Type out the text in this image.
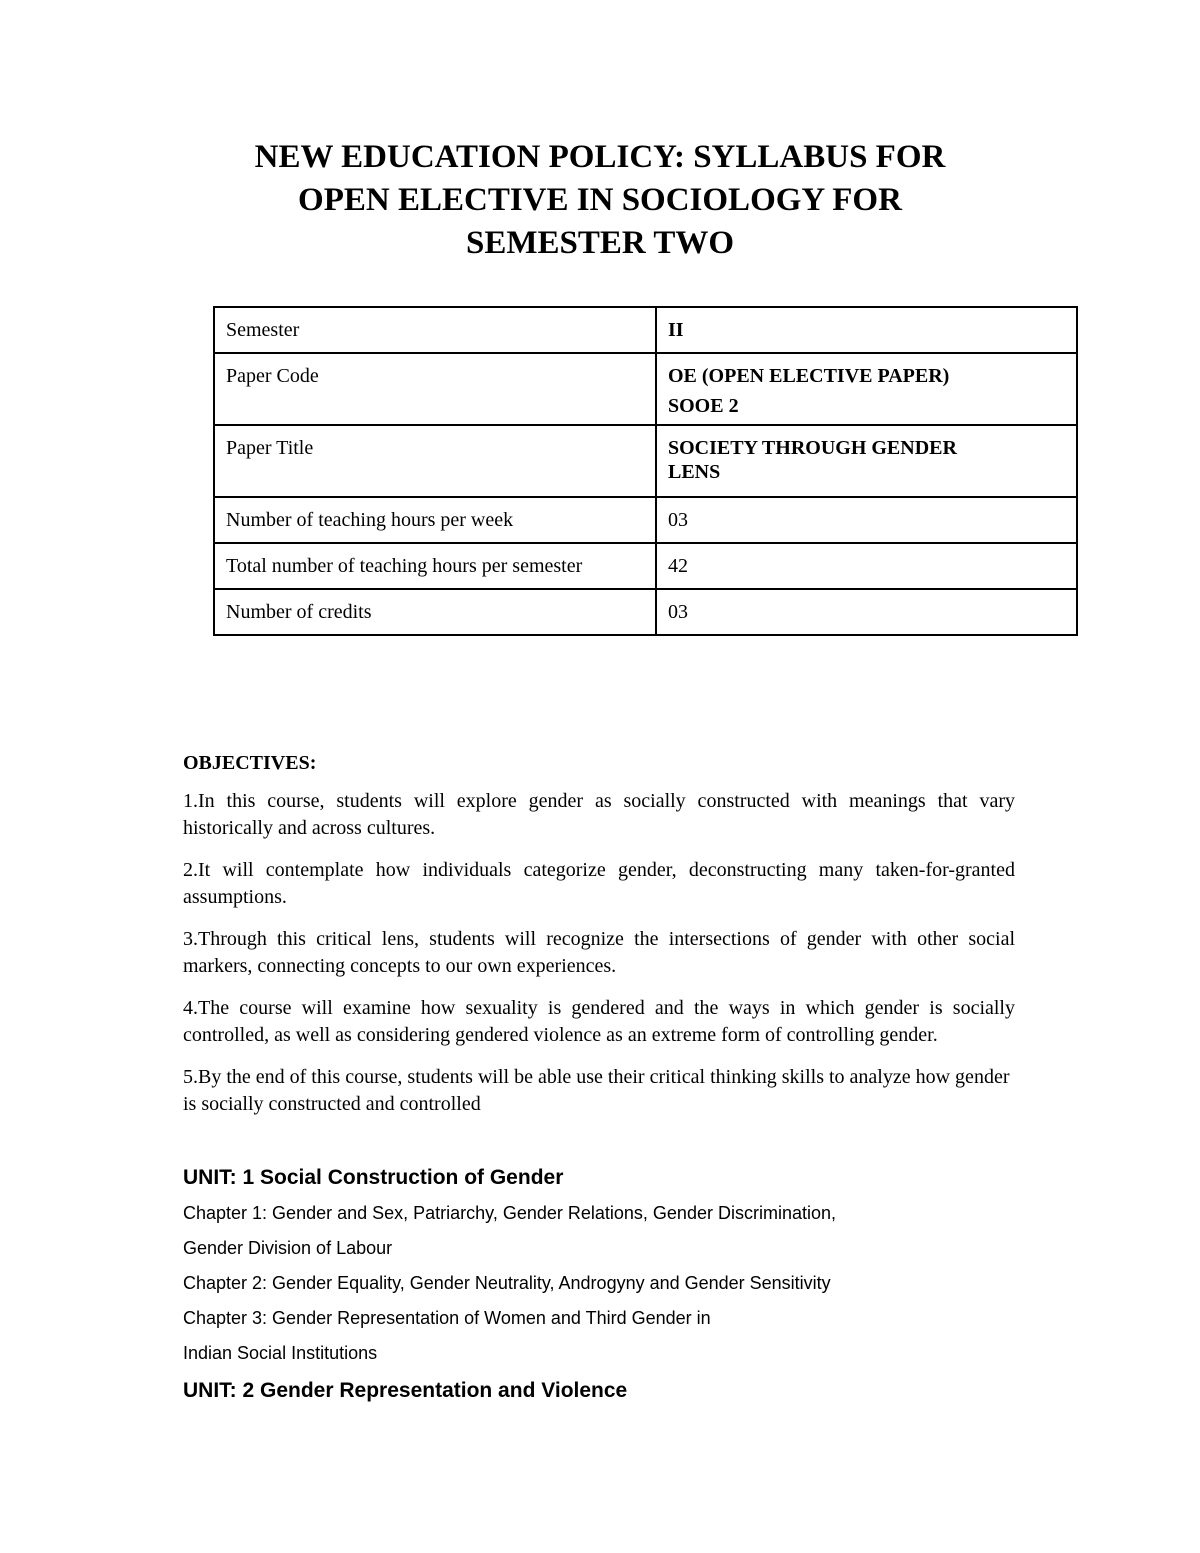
NEW EDUCATION POLICY: SYLLABUS FOR
OPEN ELECTIVE IN SOCIOLOGY FOR
SEMESTER TWO
Semester	II

Paper Code	OE (OPEN ELECTIVE PAPER)
SOOE 2

Paper Title	SOCIETY THROUGH GENDER LENS

Number of teaching hours per week	03

Total number of teaching hours per semester	42

Number of credits	03
OBJECTIVES:
1.In this course, students will explore gender as socially constructed with meanings that vary historically and across cultures.
2.It will contemplate how individuals categorize gender, deconstructing many taken-for-granted assumptions.
3.Through this critical lens, students will recognize the intersections of gender with other social markers, connecting concepts to our own experiences.
4.The course will examine how sexuality is gendered and the ways in which gender is socially controlled, as well as considering gendered violence as an extreme form of controlling gender.
5.By the end of this course, students will be able use their critical thinking skills to analyze how gender is socially constructed and controlled
UNIT: 1 Social Construction of Gender
Chapter 1: Gender and Sex, Patriarchy, Gender Relations, Gender Discrimination,
Gender Division of Labour
Chapter 2: Gender Equality, Gender Neutrality, Androgyny and Gender Sensitivity
Chapter 3: Gender Representation of Women and Third Gender in
Indian Social Institutions
UNIT: 2 Gender Representation and Violence
